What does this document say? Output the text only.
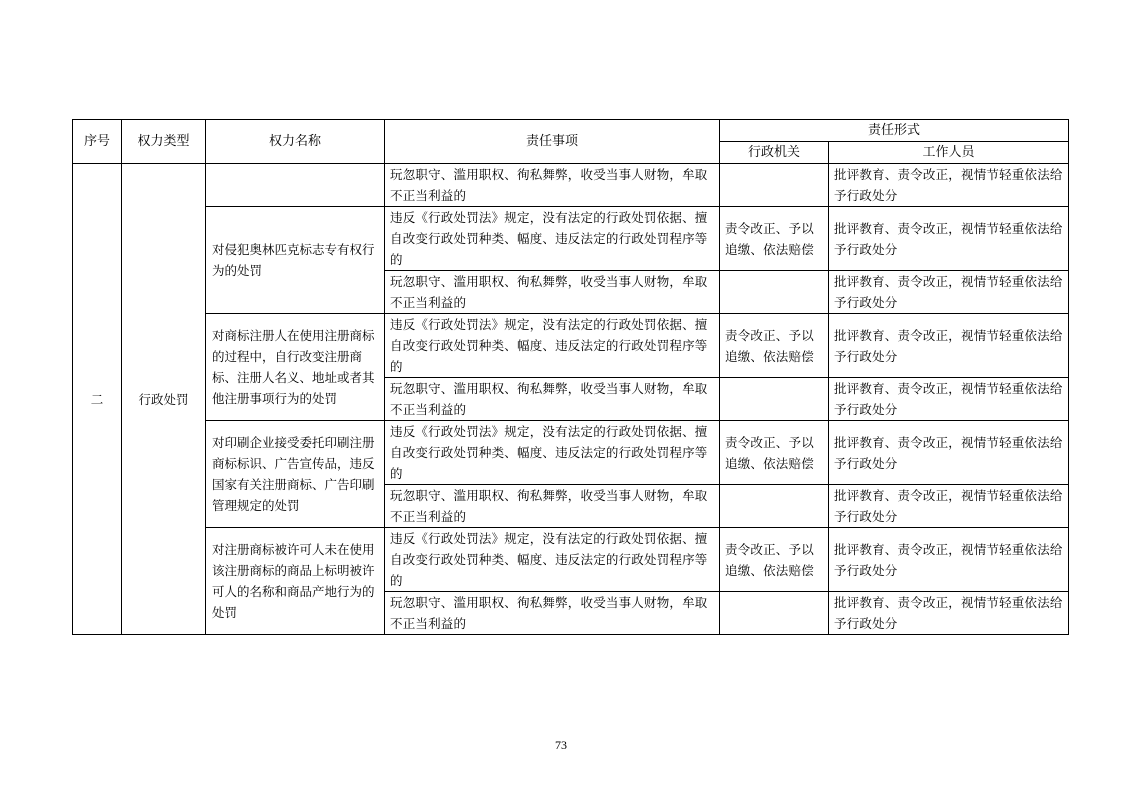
序号	权力类型	权力名称	责任事项	责任形式	
				行政机关	工作人员
二	行政处罚		玩忽职守、滥用职权、徇私舞弊，收受当事人财物，牟取不正当利益的		批评教育、责令改正，视情节轻重依法给予行政处分
		对侵犯奥林匹克标志专有权行为的处罚	违反《行政处罚法》规定，没有法定的行政处罚依据、擅自改变行政处罚种类、幅度、违反法定的行政处罚程序等的	责令改正、予以追缴、依法赔偿	批评教育、责令改正，视情节轻重依法给予行政处分
			玩忽职守、滥用职权、徇私舞弊，收受当事人财物，牟取不正当利益的		批评教育、责令改正，视情节轻重依法给予行政处分
		对商标注册人在使用注册商标的过程中，自行改变注册商标、注册人名义、地址或者其他注册事项行为的处罚	违反《行政处罚法》规定，没有法定的行政处罚依据、擅自改变行政处罚种类、幅度、违反法定的行政处罚程序等的	责令改正、予以追缴、依法赔偿	批评教育、责令改正，视情节轻重依法给予行政处分
			玩忽职守、滥用职权、徇私舞弊，收受当事人财物，牟取不正当利益的		批评教育、责令改正，视情节轻重依法给予行政处分
		对印刷企业接受委托印刷注册商标标识、广告宣传品，违反国家有关注册商标、广告印刷管理规定的处罚	违反《行政处罚法》规定，没有法定的行政处罚依据、擅自改变行政处罚种类、幅度、违反法定的行政处罚程序等的	责令改正、予以追缴、依法赔偿	批评教育、责令改正，视情节轻重依法给予行政处分
			玩忽职守、滥用职权、徇私舞弊，收受当事人财物，牟取不正当利益的		批评教育、责令改正，视情节轻重依法给予行政处分
		对注册商标被许可人未在使用该注册商标的商品上标明被许可人的名称和商品产地行为的处罚	违反《行政处罚法》规定，没有法定的行政处罚依据、擅自改变行政处罚种类、幅度、违反法定的行政处罚程序等的	责令改正、予以追缴、依法赔偿	批评教育、责令改正，视情节轻重依法给予行政处分
			玩忽职守、滥用职权、徇私舞弊，收受当事人财物，牟取不正当利益的		批评教育、责令改正，视情节轻重依法给予行政处分
73
